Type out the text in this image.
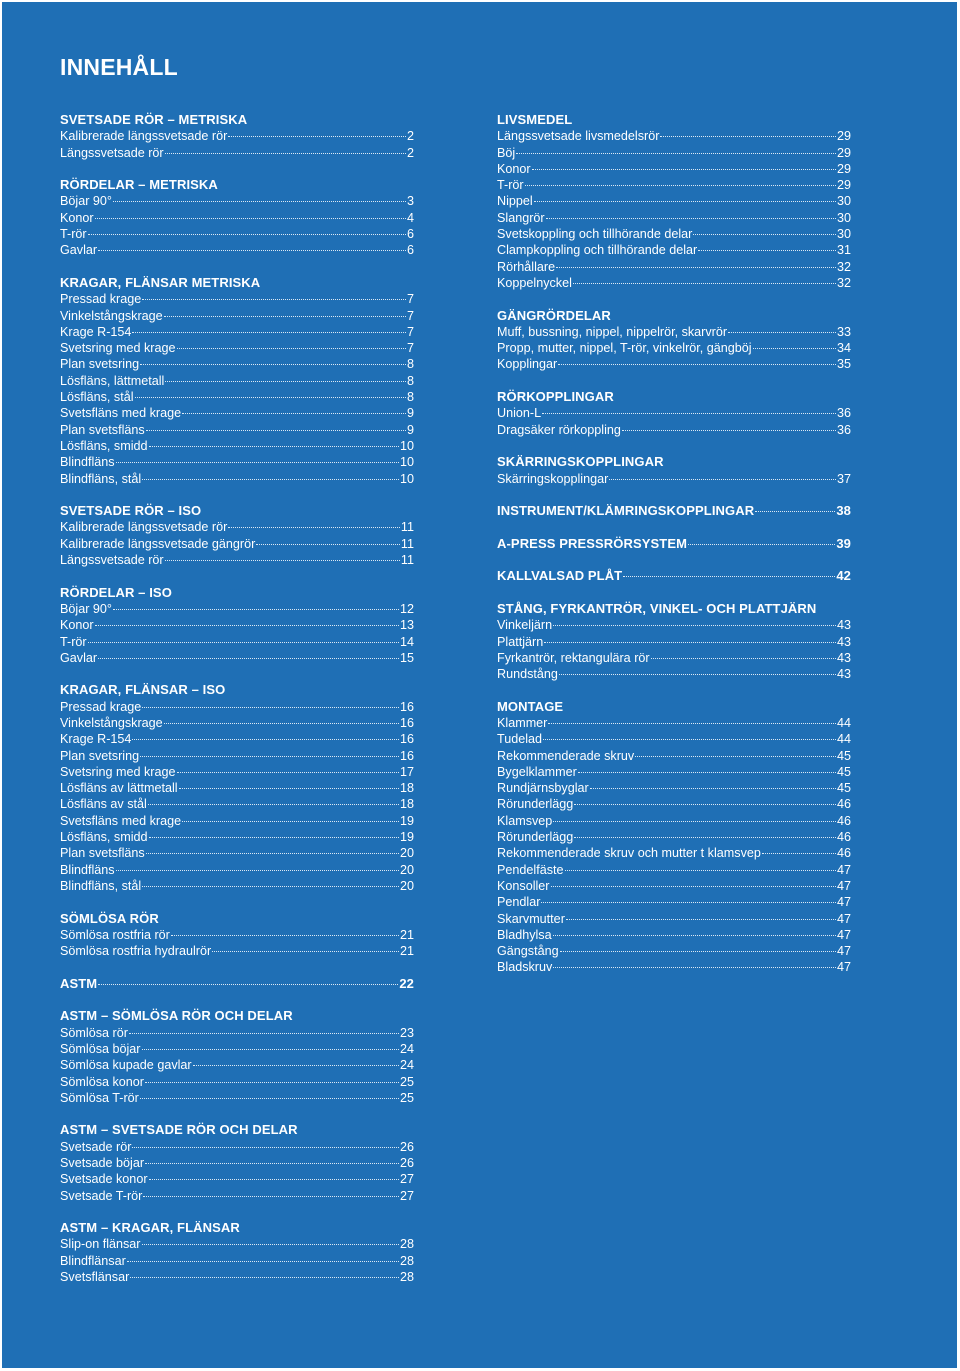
INNEHÅLL
SVETSADE RÖR – METRISKA
Kalibrerade längssvetsade rör	2
Längssvetsade rör	2
RÖRDELAR – METRISKA
Böjar 90°	3
Konor	4
T-rör	6
Gavlar	6
KRAGAR, FLÄNSAR METRISKA
Pressad krage	7
Vinkelstångskrage	7
Krage R-154	7
Svetsring med krage	7
Plan svetsring	8
Lösfläns, lättmetall	8
Lösfläns, stål	8
Svetsfläns med krage	9
Plan svetsfläns	9
Lösfläns, smidd	10
Blindfläns	10
Blindfläns, stål	10
SVETSADE RÖR – ISO
Kalibrerade längssvetsade rör	11
Kalibrerade längssvetsade gängrör	11
Längssvetsade rör	11
RÖRDELAR – ISO
Böjar 90°	12
Konor	13
T-rör	14
Gavlar	15
KRAGAR, FLÄNSAR – ISO
Pressad krage	16
Vinkelstångskrage	16
Krage R-154	16
Plan svetsring	16
Svetsring med krage	17
Lösfläns av lättmetall	18
Lösfläns av stål	18
Svetsfläns med krage	19
Lösfläns, smidd	19
Plan svetsfläns	20
Blindfläns	20
Blindfläns, stål	20
SÖMLÖSA RÖR
Sömlösa rostfria rör	21
Sömlösa rostfria hydraulrör	21
ASTM	22
ASTM – SÖMLÖSA RÖR OCH DELAR
Sömlösa rör	23
Sömlösa böjar	24
Sömlösa kupade gavlar	24
Sömlösa konor	25
Sömlösa T-rör	25
ASTM – SVETSADE RÖR OCH DELAR
Svetsade rör	26
Svetsade böjar	26
Svetsade konor	27
Svetsade T-rör	27
ASTM – KRAGAR, FLÄNSAR
Slip-on flänsar	28
Blindflänsar	28
Svetsflänsar	28
LIVSMEDEL
Längssvetsade livsmedelsrör	29
Böj	29
Konor	29
T-rör	29
Nippel	30
Slangrör	30
Svetskoppling och tillhörande delar	30
Clampkoppling och tillhörande delar	31
Rörhållare	32
Koppelnyckel	32
GÄNGRÖRDELAR
Muff, bussning, nippel, nippelrör, skarvrör	33
Propp, mutter, nippel, T-rör, vinkelrör, gängböj	34
Kopplingar	35
RÖRKOPPLINGAR
Union-L	36
Dragsäker rörkoppling	36
SKÄRRINGSKOPPLINGAR
Skärringskopplingar	37
INSTRUMENT/KLÄMRINGSKOPPLINGAR	38
A-PRESS PRESSRÖRSYSTEM	39
KALLVALSAD PLÅT	42
STÅNG, FYRKANTRÖR, VINKEL- OCH PLATTJÄRN
Vinkeljärn	43
Plattjärn	43
Fyrkantrör, rektangulära rör	43
Rundstång	43
MONTAGE
Klammer	44
Tudelad	44
Rekommenderade skruv	45
Bygelklammer	45
Rundjärnsbyglar	45
Rörunderlägg	46
Klamsvep	46
Rörunderlägg	46
Rekommenderade skruv och mutter t klamsvep	46
Pendelfäste	47
Konsoller	47
Pendlar	47
Skarvmutter	47
Bladhylsa	47
Gängstång	47
Bladskruv	47
